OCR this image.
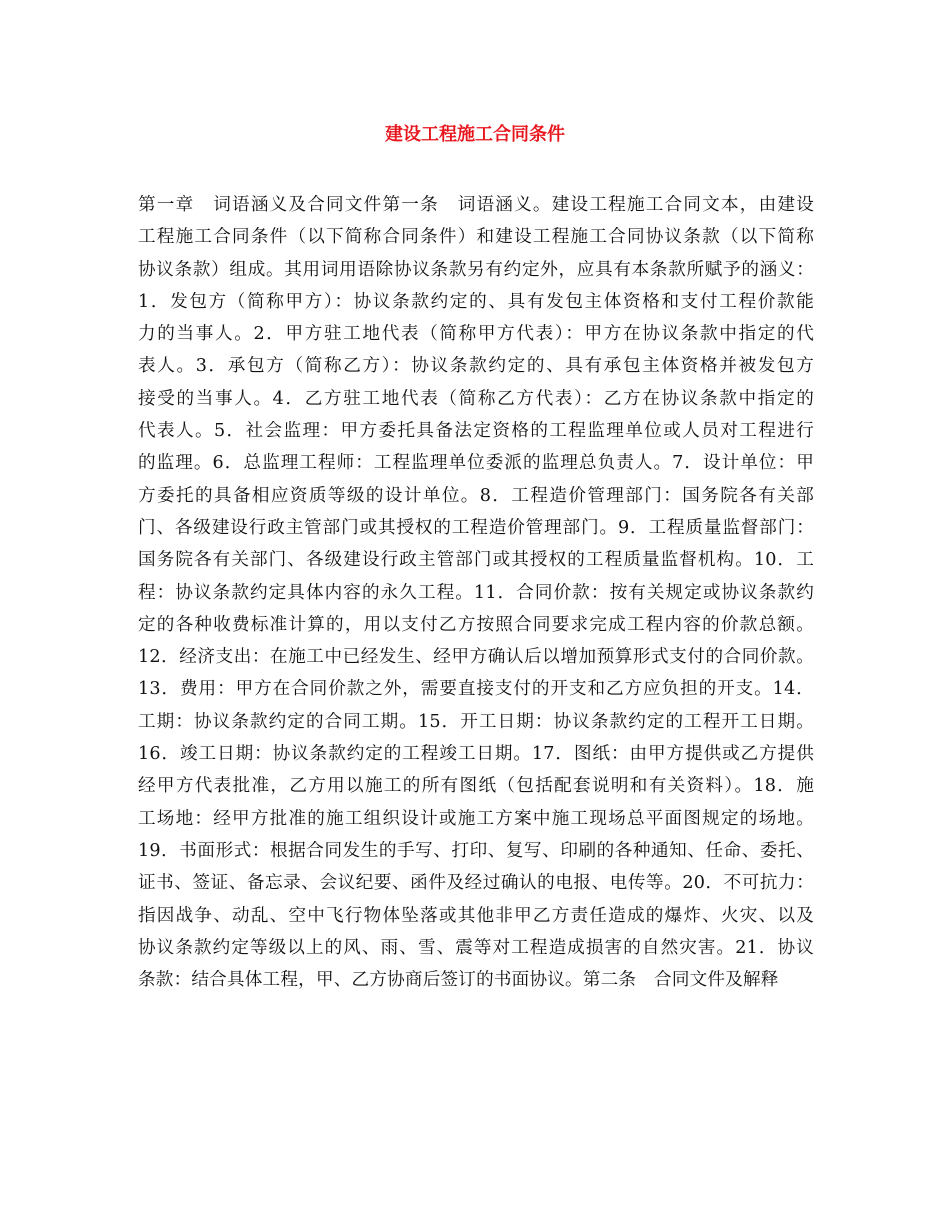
建设工程施工合同条件
第一章　词语涵义及合同文件第一条　词语涵义。建设工程施工合同文本，由建设
工程施工合同条件（以下简称合同条件）和建设工程施工合同协议条款（以下简称
协议条款）组成。其用词用语除协议条款另有约定外，应具有本条款所赋予的涵义：
1．发包方（简称甲方）：协议条款约定的、具有发包主体资格和支付工程价款能
力的当事人。2．甲方驻工地代表（简称甲方代表）：甲方在协议条款中指定的代
表人。3．承包方（简称乙方）：协议条款约定的、具有承包主体资格并被发包方
接受的当事人。4．乙方驻工地代表（简称乙方代表）：乙方在协议条款中指定的
代表人。5．社会监理：甲方委托具备法定资格的工程监理单位或人员对工程进行
的监理。6．总监理工程师：工程监理单位委派的监理总负责人。7．设计单位：甲
方委托的具备相应资质等级的设计单位。8．工程造价管理部门：国务院各有关部
门、各级建设行政主管部门或其授权的工程造价管理部门。9．工程质量监督部门：
国务院各有关部门、各级建设行政主管部门或其授权的工程质量监督机构。10．工
程：协议条款约定具体内容的永久工程。11．合同价款：按有关规定或协议条款约
定的各种收费标准计算的，用以支付乙方按照合同要求完成工程内容的价款总额。
12．经济支出：在施工中已经发生、经甲方确认后以增加预算形式支付的合同价款。
13．费用：甲方在合同价款之外，需要直接支付的开支和乙方应负担的开支。14．
工期：协议条款约定的合同工期。15．开工日期：协议条款约定的工程开工日期。
16．竣工日期：协议条款约定的工程竣工日期。17．图纸：由甲方提供或乙方提供
经甲方代表批准，乙方用以施工的所有图纸（包括配套说明和有关资料）。18．施
工场地：经甲方批准的施工组织设计或施工方案中施工现场总平面图规定的场地。
19．书面形式：根据合同发生的手写、打印、复写、印刷的各种通知、任命、委托、
证书、签证、备忘录、会议纪要、函件及经过确认的电报、电传等。20．不可抗力：
指因战争、动乱、空中飞行物体坠落或其他非甲乙方责任造成的爆炸、火灾、以及
协议条款约定等级以上的风、雨、雪、震等对工程造成损害的自然灾害。21．协议
条款：结合具体工程，甲、乙方协商后签订的书面协议。第二条　合同文件及解释
